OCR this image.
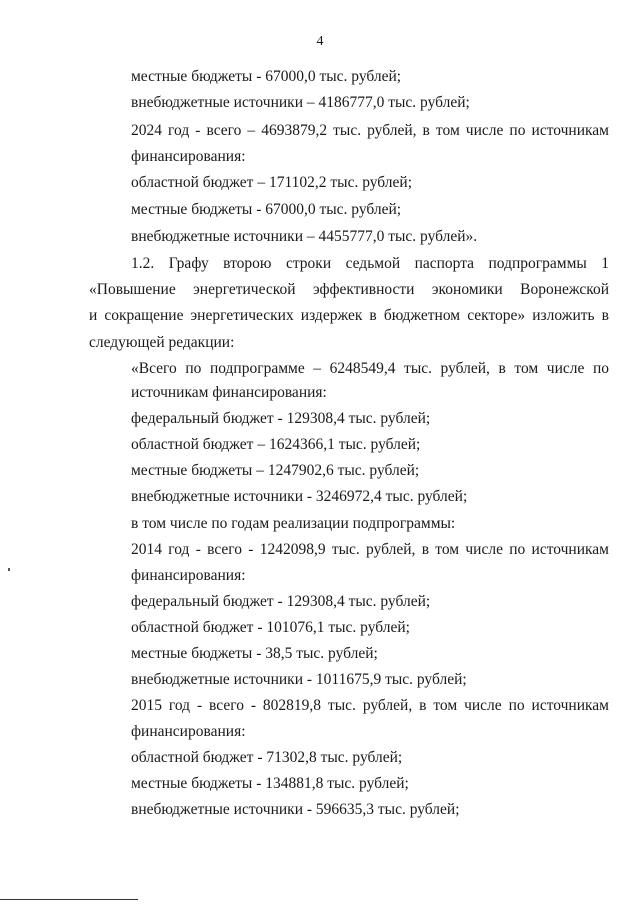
4
местные бюджеты - 67000,0 тыс. рублей;
внебюджетные источники – 4186777,0 тыс. рублей;
2024 год - всего – 4693879,2 тыс. рублей, в том числе по источникам
финансирования:
областной бюджет – 171102,2 тыс. рублей;
местные бюджеты - 67000,0 тыс. рублей;
внебюджетные источники – 4455777,0 тыс. рублей».
1.2. Графу второю строки седьмой паспорта подпрограммы 1
«Повышение энергетической эффективности экономики Воронежской
и сокращение энергетических издержек в бюджетном секторе» изложить в
следующей редакции:
«Всего по подпрограмме – 6248549,4 тыс. рублей, в том числе по
источникам финансирования:
федеральный бюджет - 129308,4 тыс. рублей;
областной бюджет – 1624366,1 тыс. рублей;
местные бюджеты – 1247902,6 тыс. рублей;
внебюджетные источники - 3246972,4 тыс. рублей;
в том числе по годам реализации подпрограммы:
2014 год - всего - 1242098,9 тыс. рублей, в том числе по источникам
финансирования:
федеральный бюджет - 129308,4 тыс. рублей;
областной бюджет - 101076,1 тыс. рублей;
местные бюджеты - 38,5 тыс. рублей;
внебюджетные источники - 1011675,9 тыс. рублей;
2015 год - всего - 802819,8 тыс. рублей, в том числе по источникам
финансирования:
областной бюджет - 71302,8 тыс. рублей;
местные бюджеты - 134881,8 тыс. рублей;
внебюджетные источники - 596635,3 тыс. рублей;
